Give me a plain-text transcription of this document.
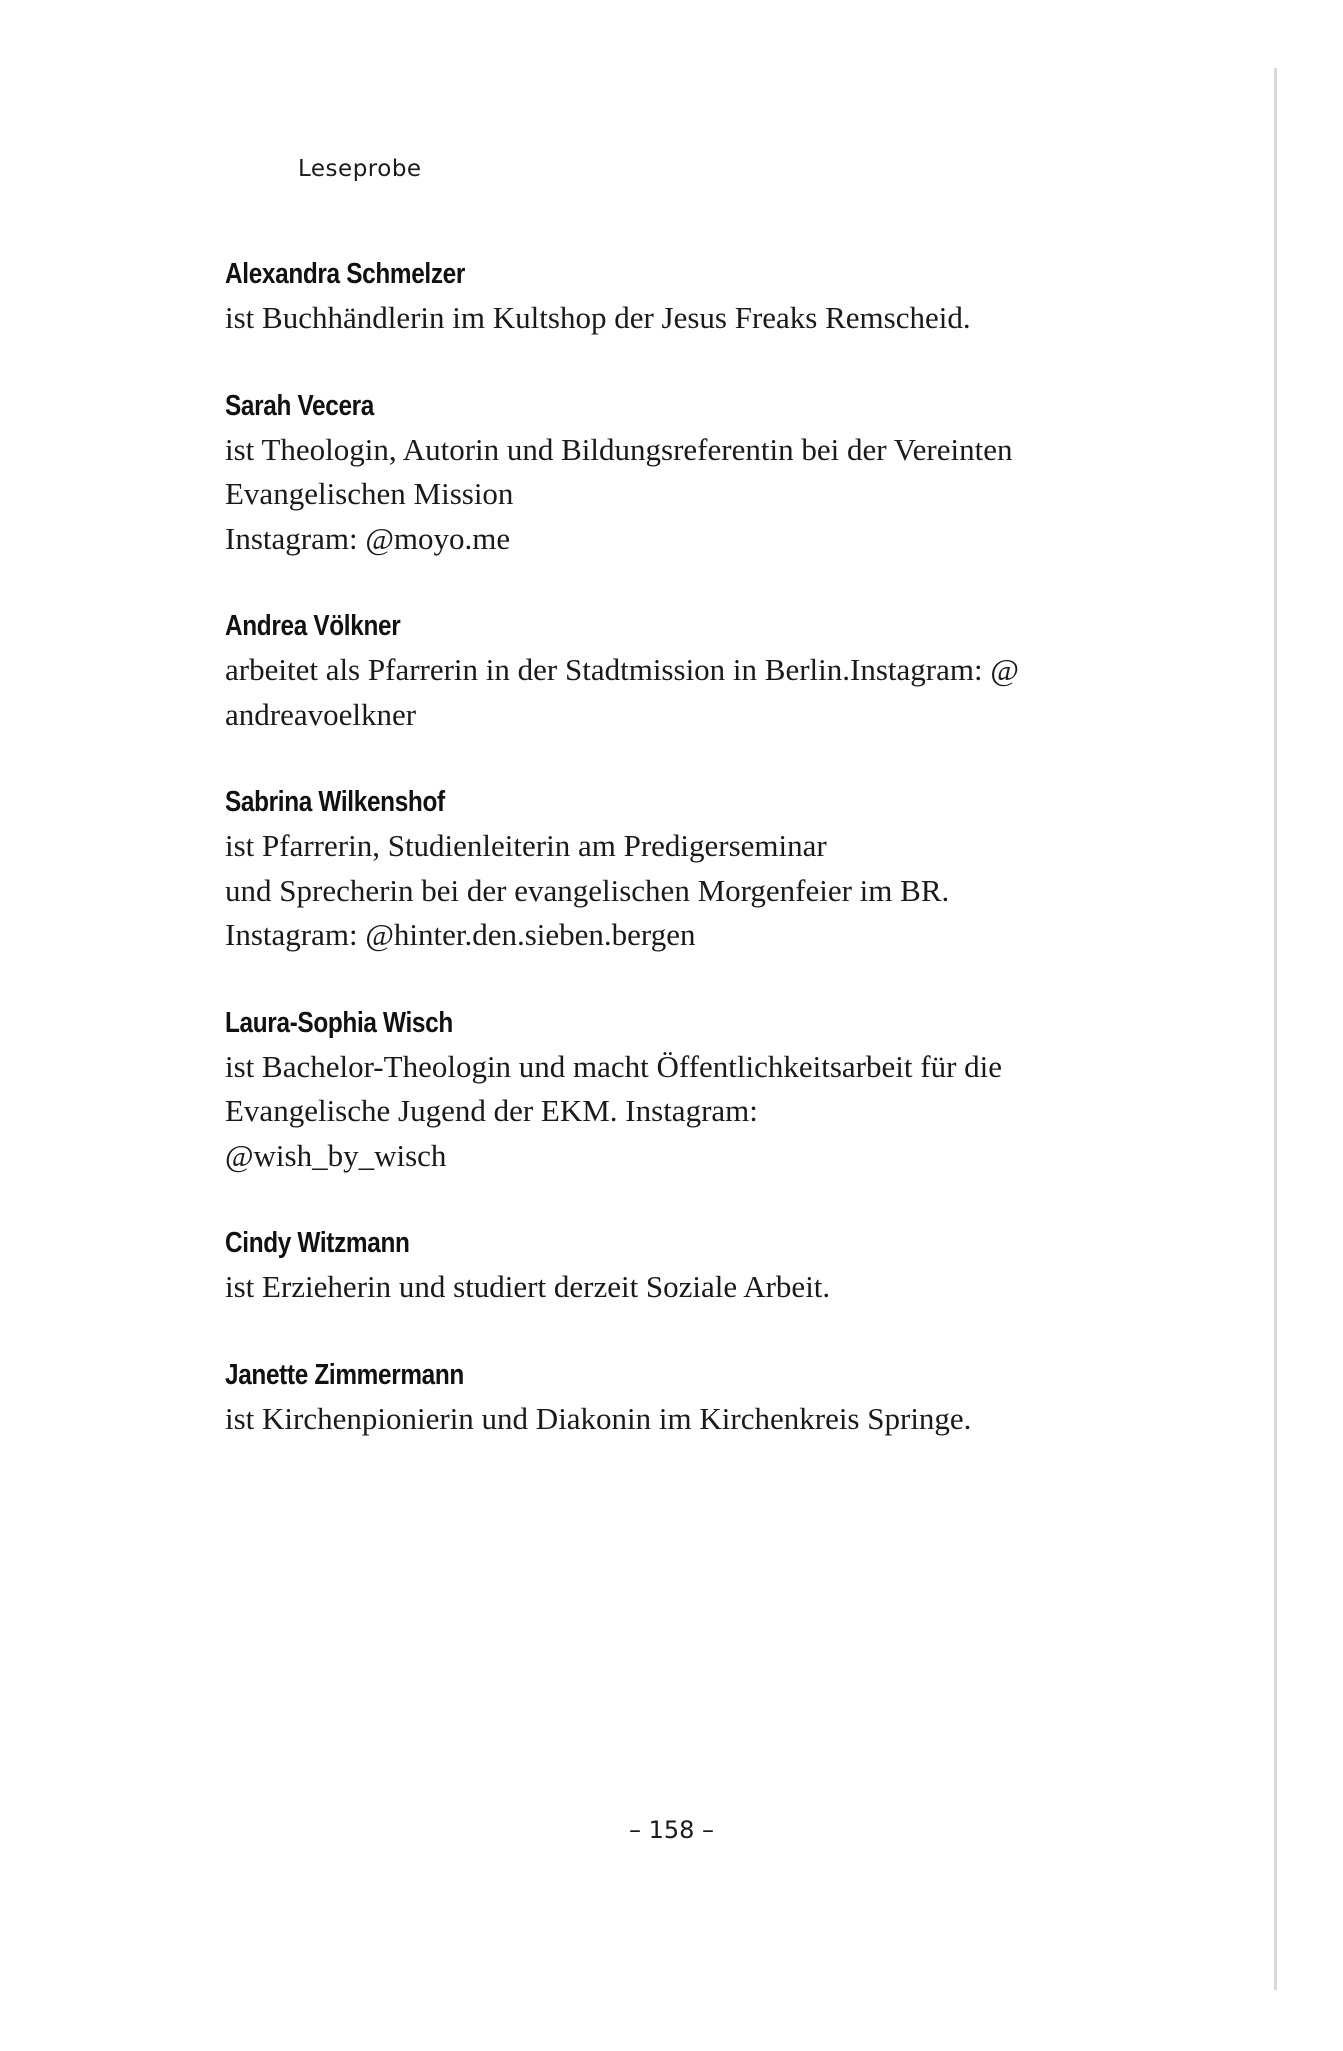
Leseprobe
Alexandra Schmelzer
ist Buchhändlerin im Kultshop der Jesus Freaks Remscheid.
Sarah Vecera
ist Theologin, Autorin und Bildungsreferentin bei der Vereinten
Evangelischen Mission
Instagram: @moyo.me
Andrea Völkner
arbeitet als Pfarrerin in der Stadtmission in Berlin.Instagram: @
andreavoelkner
Sabrina Wilkenshof
ist Pfarrerin, Studienleiterin am Predigerseminar
und Sprecherin bei der evangelischen Morgenfeier im BR.
Instagram: @hinter.den.sieben.bergen
Laura-Sophia Wisch
ist Bachelor-Theologin und macht Öffentlichkeitsarbeit für die
Evangelische Jugend der EKM. Instagram:
@wish_by_wisch
Cindy Witzmann
ist Erzieherin und studiert derzeit Soziale Arbeit.
Janette Zimmermann
ist Kirchenpionierin und Diakonin im Kirchenkreis Springe.
– 158 –
